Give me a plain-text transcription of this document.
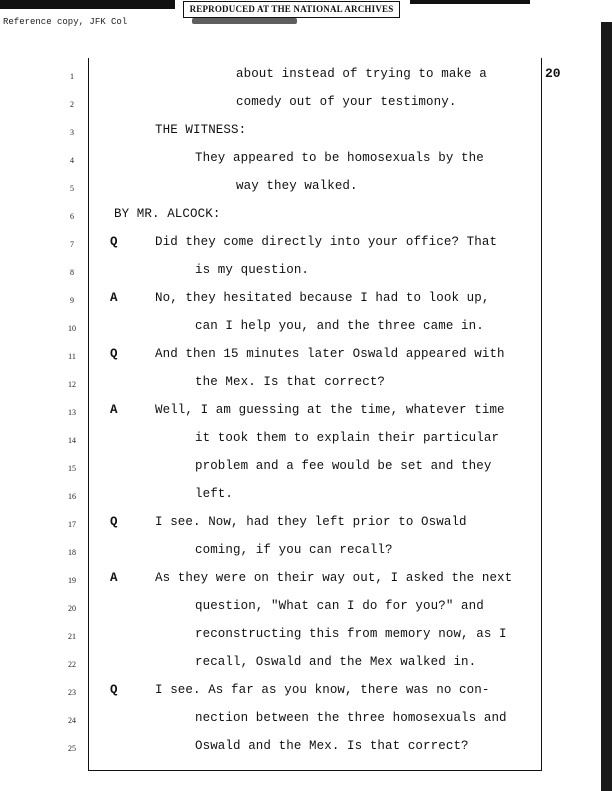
REPRODUCED AT THE NATIONAL ARCHIVES
Reference copy, JFK Col
20
1	about instead of trying to make a
2	comedy out of your testimony.
3	THE WITNESS:
4	They appeared to be homosexuals by the
5	way they walked.
6	BY MR. ALCOCK:
7	Q	Did they come directly into your office? That
8	is my question.
9	A	No, they hesitated because I had to look up,
10	can I help you, and the three came in.
11	Q	And then 15 minutes later Oswald appeared with
12	the Mex. Is that correct?
13	A	Well, I am guessing at the time, whatever time
14	it took them to explain their particular
15	problem and a fee would be set and they
16	left.
17	Q	I see. Now, had they left prior to Oswald
18	coming, if you can recall?
19	A	As they were on their way out, I asked the next
20	question, "What can I do for you?" and
21	reconstructing this from memory now, as I
22	recall, Oswald and the Mex walked in.
23	Q	I see. As far as you know, there was no con-
24	nection between the three homosexuals and
25	Oswald and the Mex. Is that correct?
